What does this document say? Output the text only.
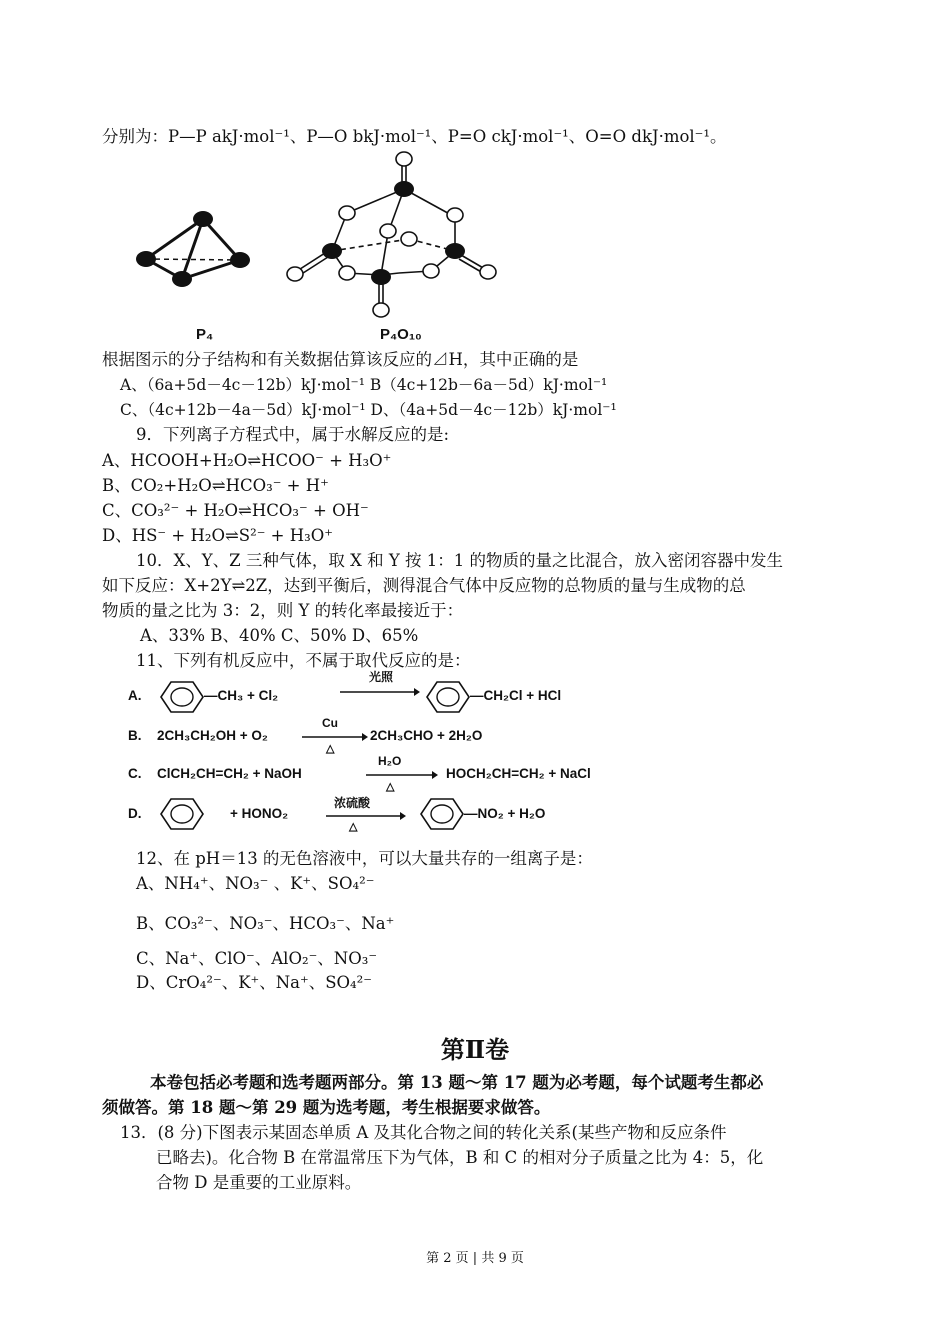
分别为：P—P akJ·mol⁻¹、P—O bkJ·mol⁻¹、P=O ckJ·mol⁻¹、O=O dkJ·mol⁻¹。
P₄	P₄O₁₀
根据图示的分子结构和有关数据估算该反应的⊿H，其中正确的是
A、（6a+5d－4c－12b）kJ·mol⁻¹ B（4c+12b－6a－5d）kJ·mol⁻¹
C、（4c+12b－4a－5d）kJ·mol⁻¹ D、（4a+5d－4c－12b）kJ·mol⁻¹
9．下列离子方程式中，属于水解反应的是:
A、HCOOH+H₂O⇌HCOO⁻ + H₃O⁺
B、CO₂+H₂O⇌HCO₃⁻ + H⁺
C、CO₃²⁻ + H₂O⇌HCO₃⁻ + OH⁻
D、HS⁻ + H₂O⇌S²⁻ + H₃O⁺
10．X、Y、Z 三种气体，取 X 和 Y 按 1：1 的物质的量之比混合，放入密闭容器中发生
如下反应：X+2Y⇌2Z，达到平衡后，测得混合气体中反应物的总物质的量与生成物的总
物质的量之比为 3：2，则 Y 的转化率最接近于：
A、33% B、40% C、50% D、65%
11、下列有机反应中，不属于取代反应的是：
A.	—CH₃ + Cl₂
光照
—CH₂Cl + HCl
B. 2CH₃CH₂OH + O₂
Cu
△
2CH₃CHO + 2H₂O
C. ClCH₂CH=CH₂ + NaOH
H₂O
△
HOCH₂CH=CH₂ + NaCl
D.	+ HONO₂
浓硫酸
△
—NO₂ + H₂O
12、在 pH＝13 的无色溶液中，可以大量共存的一组离子是：
A、NH₄⁺、NO₃⁻ 、K⁺、SO₄²⁻
B、CO₃²⁻、NO₃⁻、HCO₃⁻、Na⁺
C、Na⁺、ClO⁻、AlO₂⁻、NO₃⁻
D、CrO₄²⁻、K⁺、Na⁺、SO₄²⁻
第Ⅱ卷
本卷包括必考题和选考题两部分。第 13 题～第 17 题为必考题，每个试题考生都必
须做答。第 18 题～第 29 题为选考题，考生根据要求做答。
13．(8 分)下图表示某固态单质 A 及其化合物之间的转化关系(某些产物和反应条件
已略去)。化合物 B 在常温常压下为气体，B 和 C 的相对分子质量之比为 4：5，化
合物 D 是重要的工业原料。
第 2 页 | 共 9 页
